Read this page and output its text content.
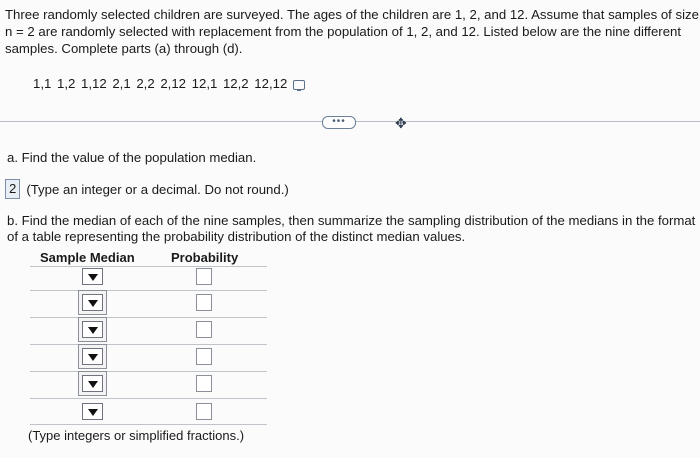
Three randomly selected children are surveyed. The ages of the children are 1, 2, and 12. Assume that samples of size
n = 2 are randomly selected with replacement from the population of 1, 2, and 12. Listed below are the nine different
samples. Complete parts (a) through (d).
1,1 1,2 1,12 2,1 2,2 2,12 12,1 12,2 12,12
•••	✥
a. Find the value of the population median.
2 (Type an integer or a decimal. Do not round.)
b. Find the median of each of the nine samples, then summarize the sampling distribution of the medians in the format of a table representing the probability distribution of the distinct median values.
Sample Median	Probability
(Type integers or simplified fractions.)
